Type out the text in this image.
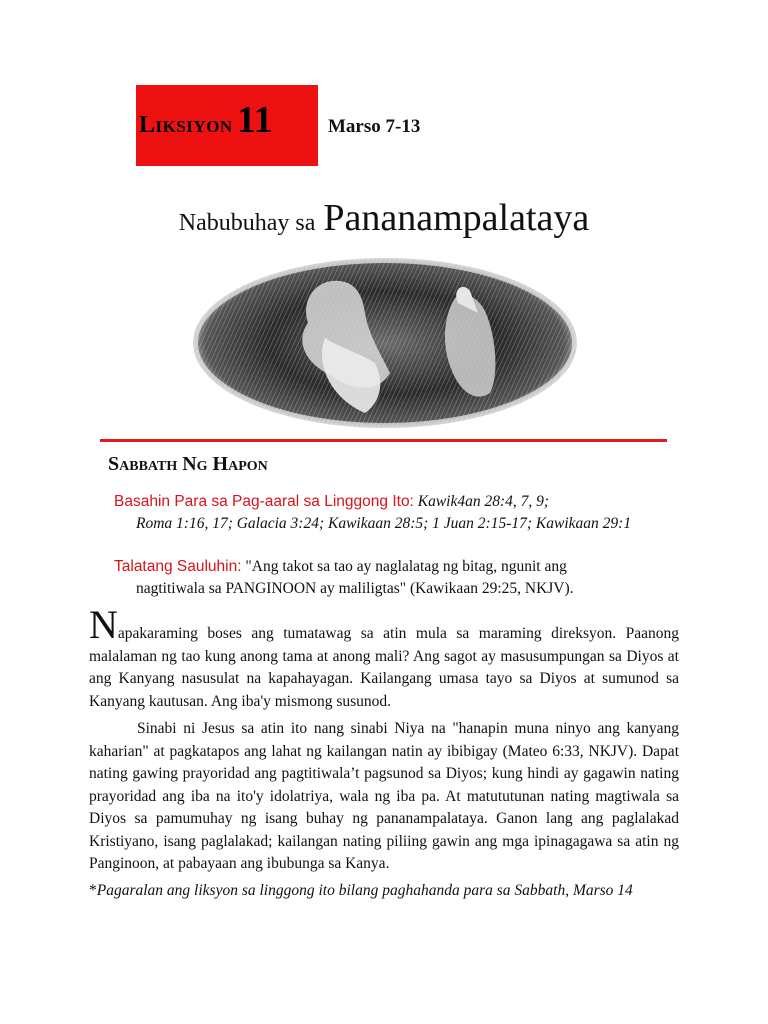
Liksiyon 11	Marso 7-13
Nabubuhay sa Pananampalataya
Sabbath Ng Hapon
Basahin Para sa Pag-aaral sa Linggong Ito: Kawik4an 28:4, 7, 9;
Roma 1:16, 17; Galacia 3:24; Kawikaan 28:5; 1 Juan 2:15-17; Kawikaan 29:1
Talatang Sauluhin: "Ang takot sa tao ay naglalatag ng bitag, ngunit ang
nagtitiwala sa PANGINOON ay maliligtas" (Kawikaan 29:25, NKJV).
Napakaraming boses ang tumatawag sa atin mula sa maraming direksyon. Paanong malalaman ng tao kung anong tama at anong mali? Ang sagot ay masusumpungan sa Diyos at ang Kanyang nasusulat na kapahayagan. Kailangang umasa tayo sa Diyos at sumunod sa Kanyang kautusan. Ang iba'y mismong susunod.
Sinabi ni Jesus sa atin ito nang sinabi Niya na "hanapin muna ninyo ang kanyang kaharian" at pagkatapos ang lahat ng kailangan natin ay ibibigay (Mateo 6:33, NKJV). Dapat nating gawing prayoridad ang pagtitiwala’t pagsunod sa Diyos; kung hindi ay gagawin nating prayoridad ang iba na ito'y idolatriya, wala ng iba pa. At matututunan nating magtiwala sa Diyos sa pamumuhay ng isang buhay ng pananampalataya. Ganon lang ang paglalakad Kristiyano, isang paglalakad; kailangan nating piliing gawin ang mga ipinagagawa sa atin ng Panginoon, at pabayaan ang ibubunga sa Kanya.
*Pagaralan ang liksyon sa linggong ito bilang paghahanda para sa Sabbath, Marso 14
